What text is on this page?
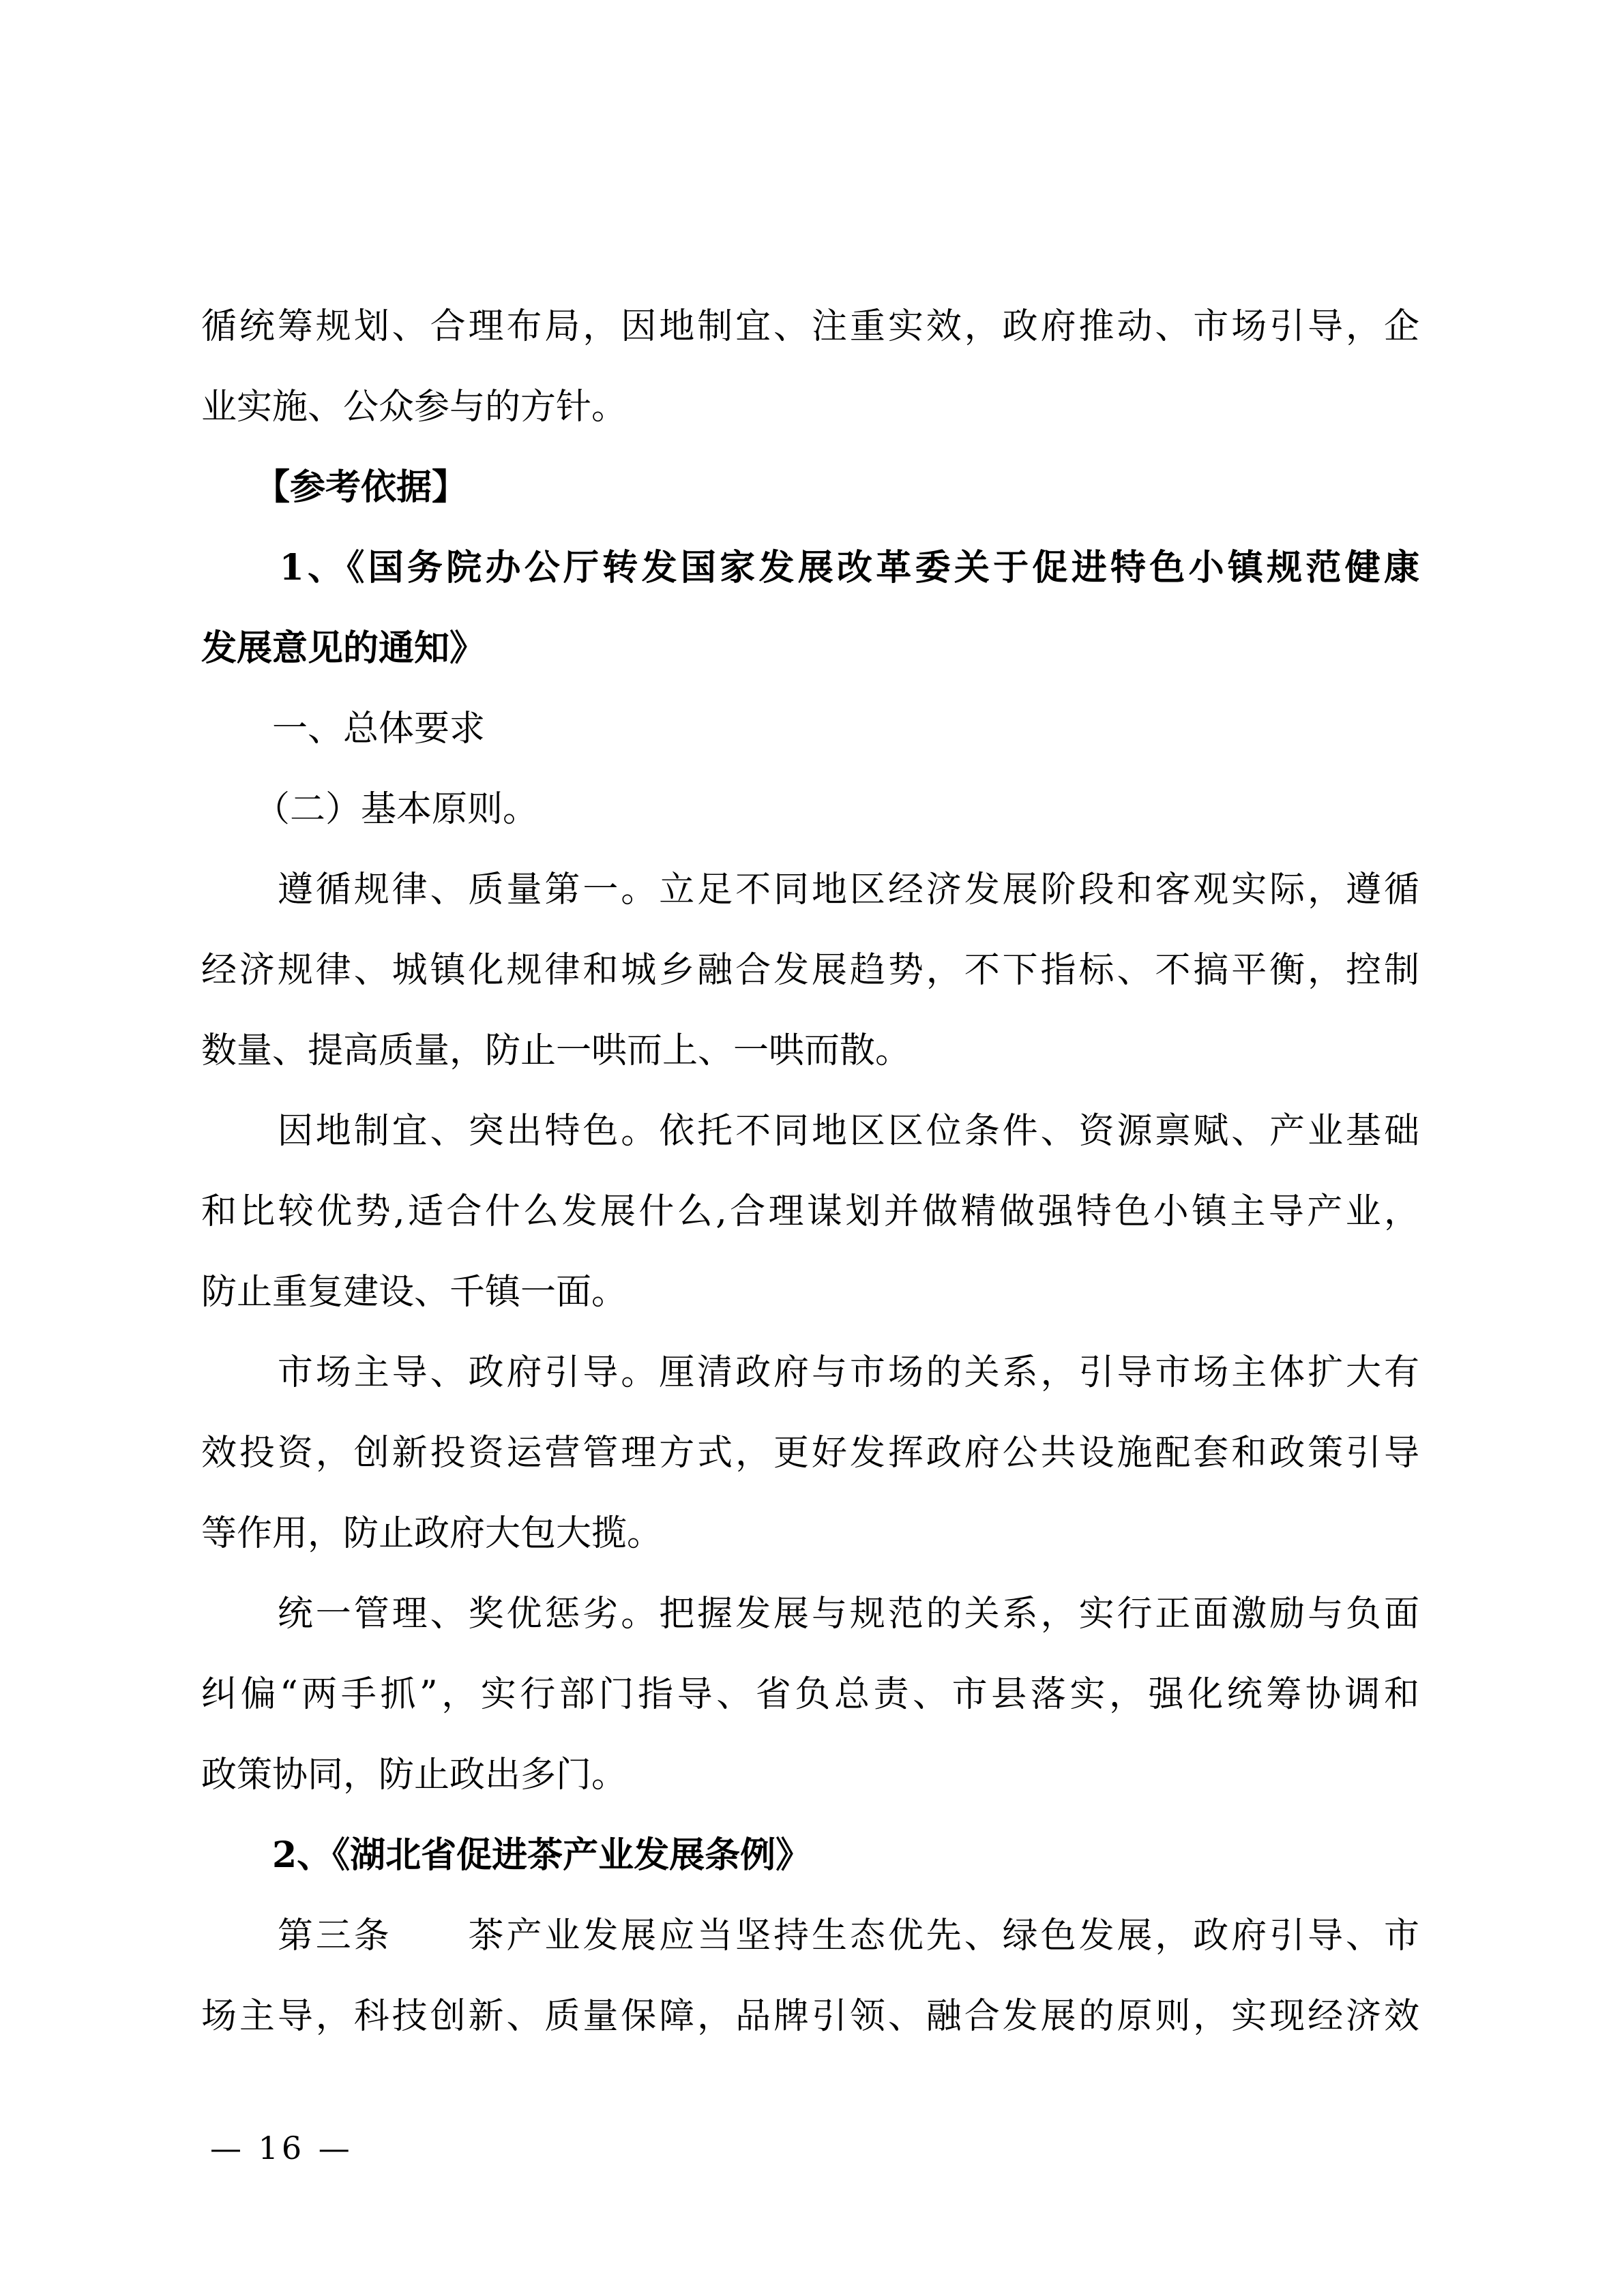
循统筹规划、合理布局，因地制宜、注重实效，政府推动、市场引导，企
业实施、公众参与的方针。
　　【参考依据】
　　1、《国务院办公厅转发国家发展改革委关于促进特色小镇规范健康
发展意见的通知》
　　一、总体要求
　　（二）基本原则。
　　遵循规律、质量第一。立足不同地区经济发展阶段和客观实际，遵循
经济规律、城镇化规律和城乡融合发展趋势，不下指标、不搞平衡，控制
数量、提高质量，防止一哄而上、一哄而散。
　　因地制宜、突出特色。依托不同地区区位条件、资源禀赋、产业基础
和比较优势,适合什么发展什么,合理谋划并做精做强特色小镇主导产业，
防止重复建设、千镇一面。
　　市场主导、政府引导。厘清政府与市场的关系，引导市场主体扩大有
效投资，创新投资运营管理方式，更好发挥政府公共设施配套和政策引导
等作用，防止政府大包大揽。
　　统一管理、奖优惩劣。把握发展与规范的关系，实行正面激励与负面
纠偏“两手抓”，实行部门指导、省负总责、市县落实，强化统筹协调和
政策协同，防止政出多门。
　　2、《湖北省促进茶产业发展条例》
　　第三条　　茶产业发展应当坚持生态优先、绿色发展，政府引导、市
场主导，科技创新、质量保障，品牌引领、融合发展的原则，实现经济效
— 16 —
